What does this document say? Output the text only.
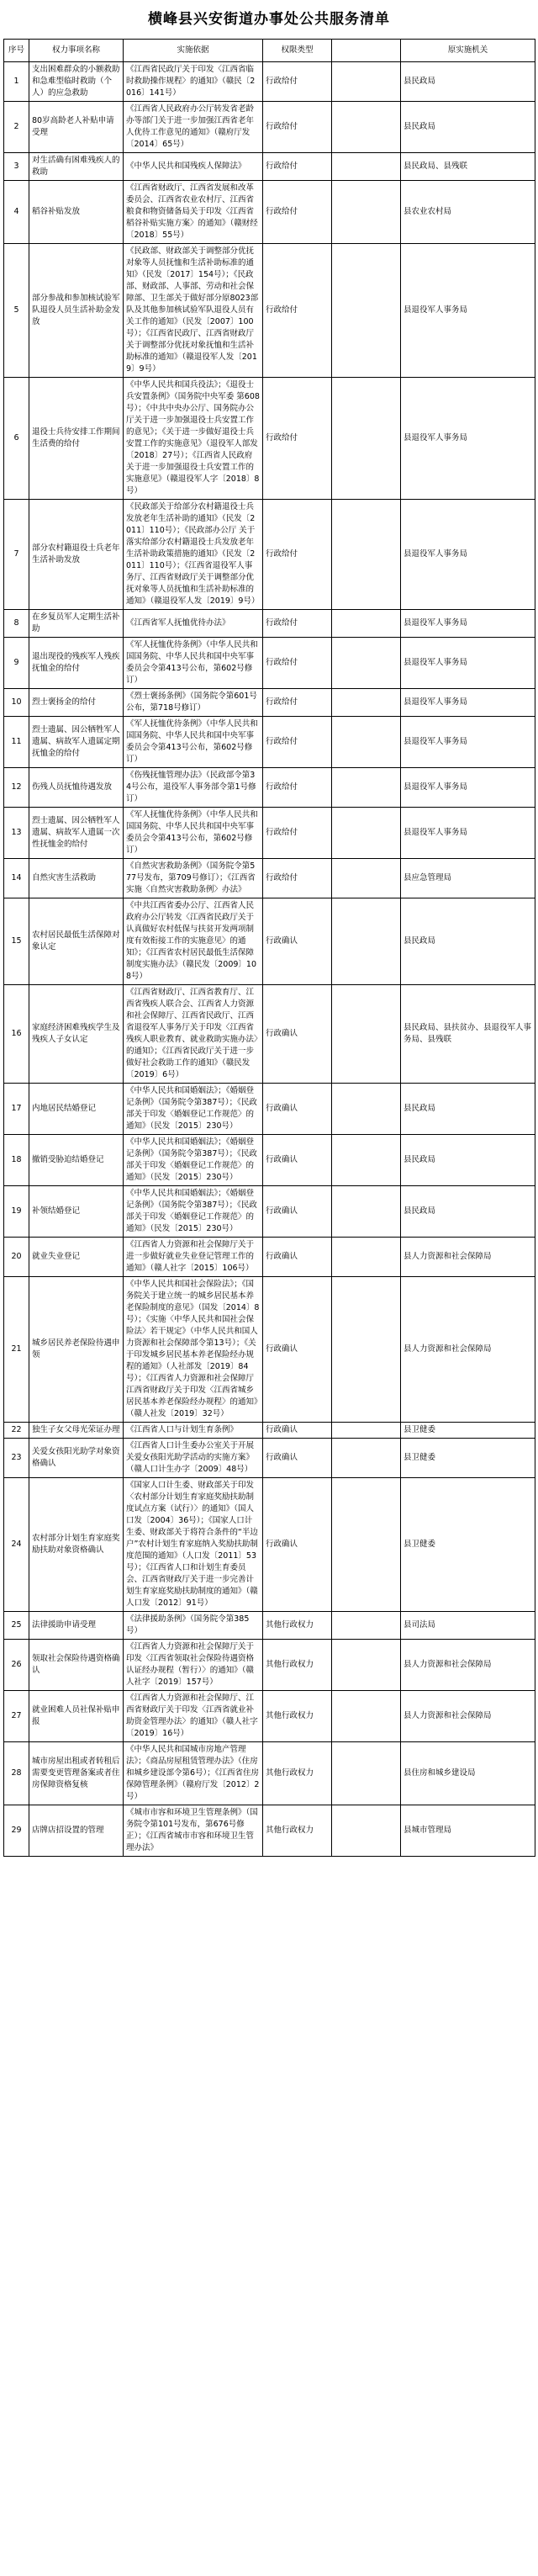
横峰县兴安街道办事处公共服务清单
序号	权力事项名称	实施依据	权限类型		原实施机关
1	支出困难群众的小额救助和急难型临时救助（个人）的应急救助	《江西省民政厅关于印发〈江西省临时救助操作规程〉的通知》（赣民〔2016〕141号）	行政给付		县民政局
2	80岁高龄老人补贴申请受理	《江西省人民政府办公厅转发省老龄办等部门关于进一步加强江西省老年人优待工作意见的通知》（赣府厅发〔2014〕65号）	行政给付		县民政局
3	对生活确有困难残疾人的救助	《中华人民共和国残疾人保障法》	行政给付		县民政局、县残联
4	稻谷补贴发放	《江西省财政厅、江西省发展和改革委员会、江西省农业农村厅、江西省粮食和物资储备局关于印发〈江西省稻谷补贴实施方案〉的通知》（赣财经〔2018〕55号）	行政给付		县农业农村局
5	部分参战和参加核试验军队退役人员生活补助金发放	《民政部、财政部关于调整部分优抚对象等人员抚恤和生活补助标准的通知》（民发〔2017〕154号）；《民政部、财政部、人事部、劳动和社会保障部、卫生部关于做好部分原8023部队及其他参加核试验军队退役人员有关工作的通知》（民发〔2007〕100号）；《江西省民政厅、江西省财政厅关于调整部分优抚对象抚恤和生活补助标准的通知》（赣退役军人发〔2019〕9号）	行政给付		县退役军人事务局
6	退役士兵待安排工作期间生活费的给付	《中华人民共和国兵役法》；《退役士兵安置条例》（国务院中央军委 第608号）；《中共中央办公厅、国务院办公厅关于进一步加强退役士兵安置工作的意见》；《关于进一步做好退役士兵安置工作的实施意见》（退役军人部发〔2018〕27号）；《江西省人民政府关于进一步加强退役士兵安置工作的实施意见》（赣退役军人字〔2018〕8号）	行政给付		县退役军人事务局
7	部分农村籍退役士兵老年生活补助发放	《民政部关于给部分农村籍退役士兵发放老年生活补助的通知》（民发〔2011〕110号）；《民政部办公厅 关于落实给部分农村籍退役士兵发放老年生活补助政策措施的通知》（民发〔2011〕110号）；《江西省退役军人事务厅、江西省财政厅关于调整部分优抚对象等人员抚恤和生活补助标准的通知》（赣退役军人发〔2019〕9号）	行政给付		县退役军人事务局
8	在乡复员军人定期生活补助	《江西省军人抚恤优待办法》	行政给付		县退役军人事务局
9	退出现役的残疾军人残疾抚恤金的给付	《军人抚恤优待条例》（中华人民共和国国务院、中华人民共和国中央军事委员会令第413号公布，第602号修订）	行政给付		县退役军人事务局
10	烈士褒扬金的给付	《烈士褒扬条例》（国务院令第601号公布，第718号修订）	行政给付		县退役军人事务局
11	烈士遗属、因公牺牲军人遗属、病故军人遗属定期抚恤金的给付	《军人抚恤优待条例》（中华人民共和国国务院、中华人民共和国中央军事委员会令第413号公布，第602号修订）	行政给付		县退役军人事务局
12	伤残人员抚恤待遇发放	《伤残抚恤管理办法》（民政部令第34号公布，退役军人事务部令第1号修订）	行政给付		县退役军人事务局
13	烈士遗属、因公牺牲军人遗属、病故军人遗属一次性抚恤金的给付	《军人抚恤优待条例》（中华人民共和国国务院、中华人民共和国中央军事委员会令第413号公布，第602号修订）	行政给付		县退役军人事务局
14	自然灾害生活救助	《自然灾害救助条例》（国务院令第577号发布，第709号修订）；《江西省实施〈自然灾害救助条例〉办法》	行政给付		县应急管理局
15	农村居民最低生活保障对象认定	《中共江西省委办公厅、江西省人民政府办公厅转发〈江西省民政厅关于认真做好农村低保与扶贫开发两项制度有效衔接工作的实施意见〉的通知》；《江西省农村居民最低生活保障制度实施办法》（赣民发〔2009〕108号）	行政确认		县民政局
16	家庭经济困难残疾学生及残疾人子女认定	《江西省财政厅、江西省教育厅、江西省残疾人联合会、江西省人力资源和社会保障厅、江西省民政厅、江西省退役军人事务厅关于印发〈江西省残疾人职业教育、就业救助实施办法〉的通知》；《江西省民政厅关于进一步做好社会救助工作的通知》（赣民发〔2019〕6号）	行政确认		县民政局、县扶贫办、县退役军人事务局、县残联
17	内地居民结婚登记	《中华人民共和国婚姻法》；《婚姻登记条例》（国务院令第387号）；《民政部关于印发〈婚姻登记工作规范〉的通知》（民发〔2015〕230号）	行政确认		县民政局
18	撤销受胁迫结婚登记	《中华人民共和国婚姻法》；《婚姻登记条例》（国务院令第387号）；《民政部关于印发〈婚姻登记工作规范〉的通知》（民发〔2015〕230号）	行政确认		县民政局
19	补领结婚登记	《中华人民共和国婚姻法》；《婚姻登记条例》（国务院令第387号）；《民政部关于印发〈婚姻登记工作规范〉的通知》（民发〔2015〕230号）	行政确认		县民政局
20	就业失业登记	《江西省人力资源和社会保障厅关于进一步做好就业失业登记管理工作的通知》（赣人社字〔2015〕106号）	行政确认		县人力资源和社会保障局
21	城乡居民养老保险待遇申领	《中华人民共和国社会保险法》；《国务院关于建立统一的城乡居民基本养老保险制度的意见》（国发〔2014〕8号）；《实施〈中华人民共和国社会保险法〉若干规定》（中华人民共和国人力资源和社会保障部令第13号）；《关于印发城乡居民基本养老保险经办规程的通知》（人社部发〔2019〕84号）；《江西省人力资源和社会保障厅江西省财政厅关于印发〈江西省城乡居民基本养老保险经办规程〉的通知》（赣人社发〔2019〕32号）	行政确认		县人力资源和社会保障局
22	独生子女父母光荣证办理	《江西省人口与计划生育条例》	行政确认		县卫健委
23	关爱女孩阳光助学对象资格确认	《江西省人口计生委办公室关于开展关爱女孩阳光助学活动的实施方案》（赣人口计生办字〔2009〕48号）	行政确认		县卫健委
24	农村部分计划生育家庭奖励扶助对象资格确认	《国家人口计生委、财政部关于印发〈农村部分计划生育家庭奖励扶助制度试点方案（试行）〉的通知》（国人口发〔2004〕36号）；《国家人口计生委、财政部关于将符合条件的“半边户”农村计划生育家庭纳入奖励扶助制度范围的通知》（人口发〔2011〕53号）；《江西省人口和计划生育委员会、江西省财政厅关于进一步完善计划生育家庭奖励扶助制度的通知》（赣人口发〔2012〕91号）	行政确认		县卫健委
25	法律援助申请受理	《法律援助条例》（国务院令第385号）	其他行政权力		县司法局
26	领取社会保险待遇资格确认	《江西省人力资源和社会保障厅关于印发〈江西省领取社会保险待遇资格认证经办规程（暂行）〉的通知》（赣人社字〔2019〕157号）	其他行政权力		县人力资源和社会保障局
27	就业困难人员社保补贴申报	《江西省人力资源和社会保障厅、江西省财政厅关于印发〈江西省就业补助资金管理办法〉的通知》（赣人社字〔2019〕16号）	其他行政权力		县人力资源和社会保障局
28	城市房屋出租或者转租后需要变更管理备案或者住房保障资格复核	《中华人民共和国城市房地产管理法》；《商品房屋租赁管理办法》（住房和城乡建设部令第6号）；《江西省住房保障管理条例》（赣府厅发〔2012〕2号）	其他行政权力		县住房和城乡建设局
29	店牌店招设置的管理	《城市市容和环境卫生管理条例》（国务院令第101号发布，第676号修正）；《江西省城市市容和环境卫生管理办法》	其他行政权力		县城市管理局
